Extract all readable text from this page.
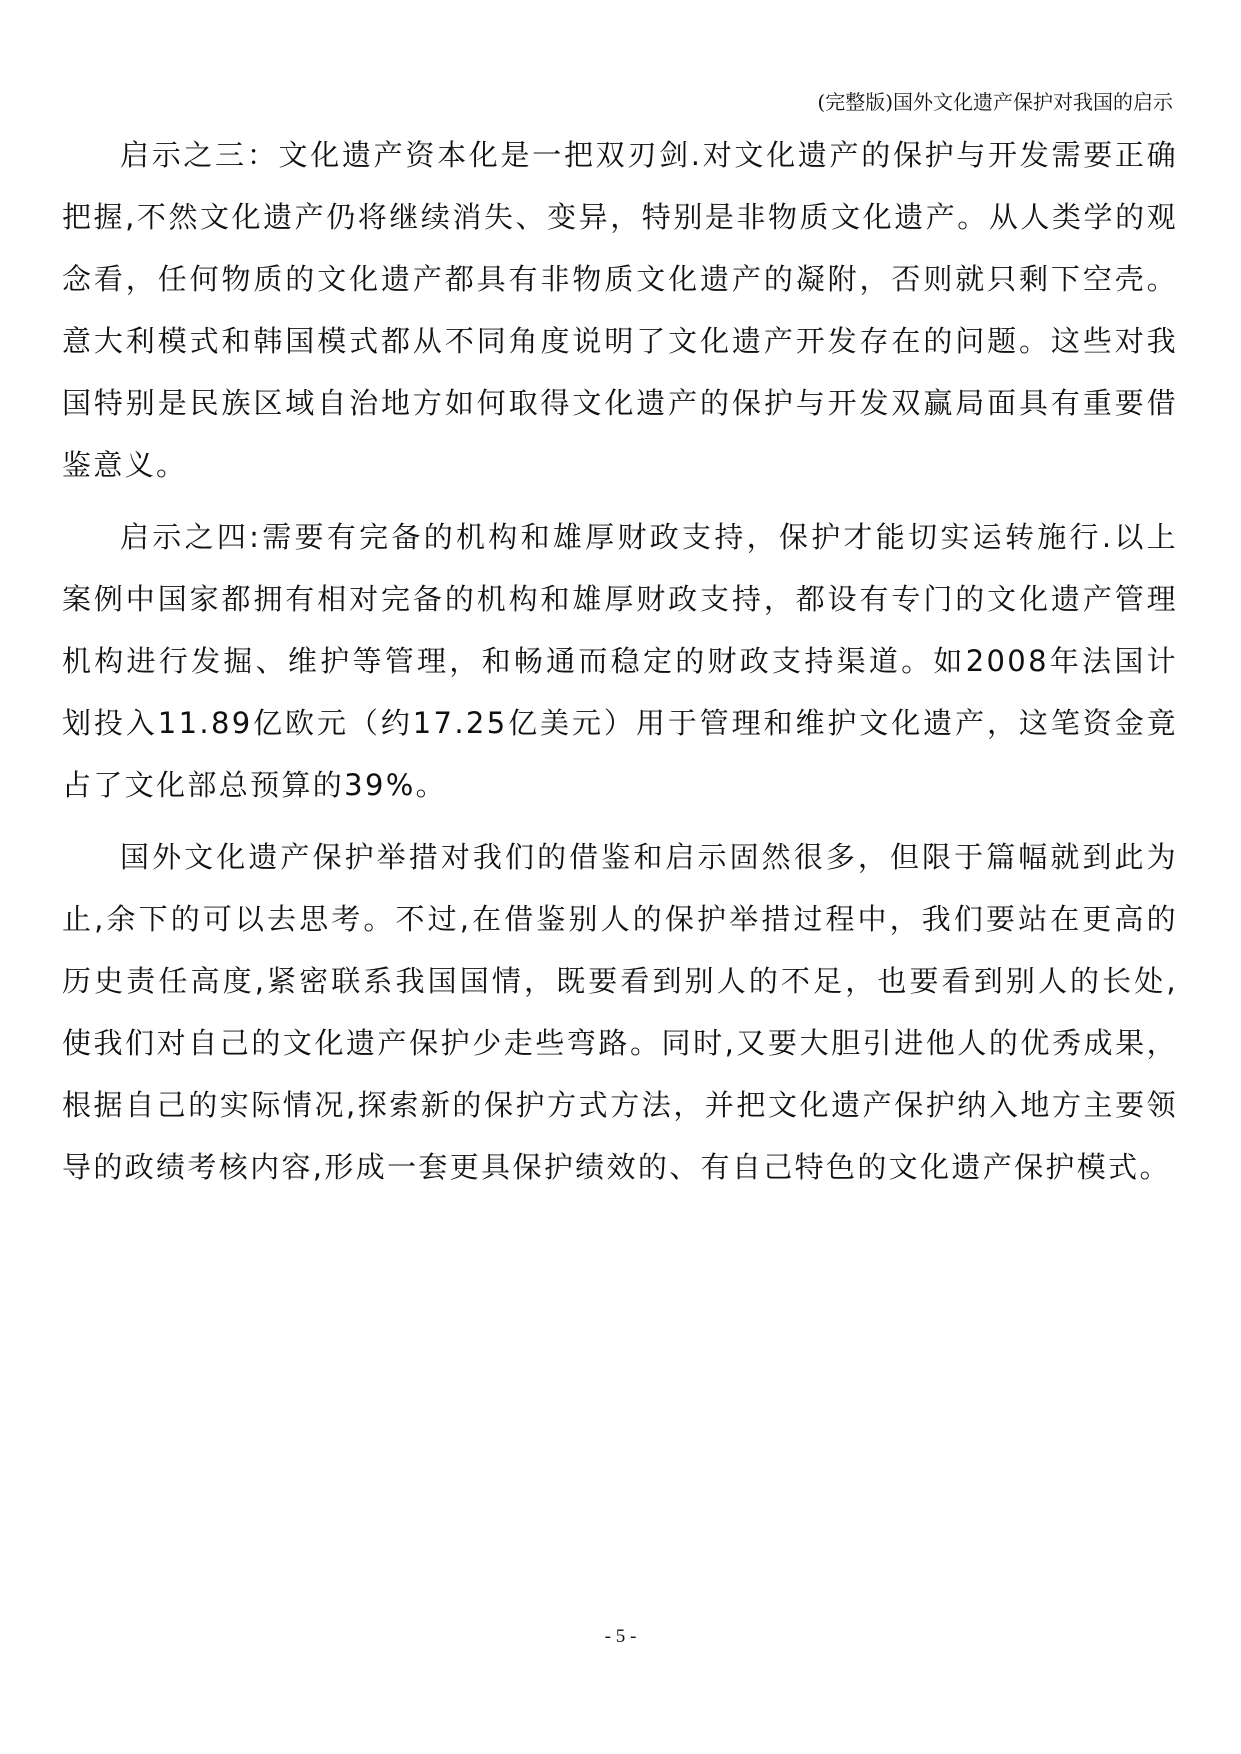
(完整版)国外文化遗产保护对我国的启示

启示之三：文化遗产资本化是一把双刃剑.对文化遗产的保护与开发需要正确把握,不然文化遗产仍将继续消失、变异，特别是非物质文化遗产。从人类学的观念看，任何物质的文化遗产都具有非物质文化遗产的凝附，否则就只剩下空壳。意大利模式和韩国模式都从不同角度说明了文化遗产开发存在的问题。这些对我国特别是民族区域自治地方如何取得文化遗产的保护与开发双赢局面具有重要借鉴意义。

启示之四:需要有完备的机构和雄厚财政支持，保护才能切实运转施行.以上案例中国家都拥有相对完备的机构和雄厚财政支持，都设有专门的文化遗产管理机构进行发掘、维护等管理，和畅通而稳定的财政支持渠道。如2008年法国计划投入11.89亿欧元（约17.25亿美元）用于管理和维护文化遗产，这笔资金竟占了文化部总预算的39%。

国外文化遗产保护举措对我们的借鉴和启示固然很多，但限于篇幅就到此为止,余下的可以去思考。不过,在借鉴别人的保护举措过程中，我们要站在更高的历史责任高度,紧密联系我国国情，既要看到别人的不足，也要看到别人的长处,使我们对自己的文化遗产保护少走些弯路。同时,又要大胆引进他人的优秀成果，根据自己的实际情况,探索新的保护方式方法，并把文化遗产保护纳入地方主要领导的政绩考核内容,形成一套更具保护绩效的、有自己特色的文化遗产保护模式。

- 5 -
